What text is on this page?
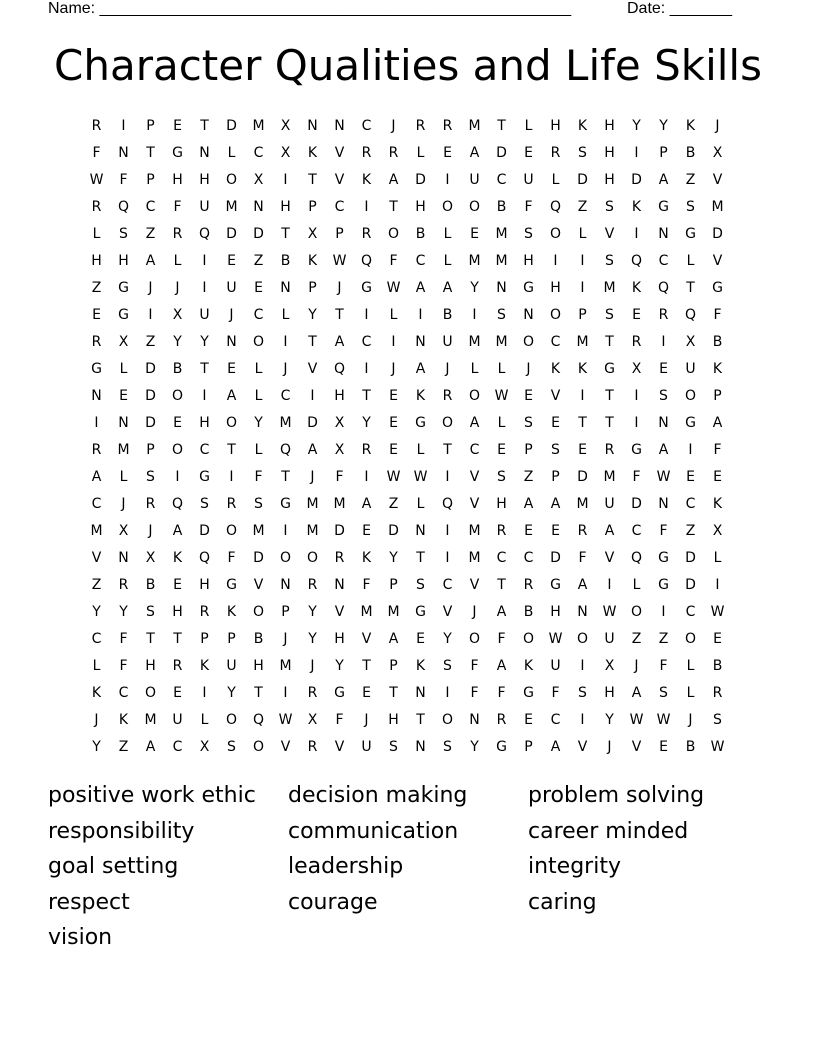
Name: _____________________________________________________	Date: _______
Character Qualities and Life Skills
R	I	P	E	T	D	M	X	N	N	C	J	R	R	M	T	L	H	K	H	Y	Y	K	J
F	N	T	G	N	L	C	X	K	V	R	R	L	E	A	D	E	R	S	H	I	P	B	X
W	F	P	H	H	O	X	I	T	V	K	A	D	I	U	C	U	L	D	H	D	A	Z	V
R	Q	C	F	U	M	N	H	P	C	I	T	H	O	O	B	F	Q	Z	S	K	G	S	M
L	S	Z	R	Q	D	D	T	X	P	R	O	B	L	E	M	S	O	L	V	I	N	G	D
H	H	A	L	I	E	Z	B	K	W	Q	F	C	L	M	M	H	I	I	S	Q	C	L	V
Z	G	J	J	I	U	E	N	P	J	G	W	A	A	Y	N	G	H	I	M	K	Q	T	G
E	G	I	X	U	J	C	L	Y	T	I	L	I	B	I	S	N	O	P	S	E	R	Q	F
R	X	Z	Y	Y	N	O	I	T	A	C	I	N	U	M	M	O	C	M	T	R	I	X	B
G	L	D	B	T	E	L	J	V	Q	I	J	A	J	L	L	J	K	K	G	X	E	U	K
N	E	D	O	I	A	L	C	I	H	T	E	K	R	O	W	E	V	I	T	I	S	O	P
I	N	D	E	H	O	Y	M	D	X	Y	E	G	O	A	L	S	E	T	T	I	N	G	A
R	M	P	O	C	T	L	Q	A	X	R	E	L	T	C	E	P	S	E	R	G	A	I	F
A	L	S	I	G	I	F	T	J	F	I	W W	I	V	S	Z	P	D	M	F	W	E	E
C	J	R	Q	S	R	S	G	M	M	A	Z	L	Q	V	H	A	A	M	U	D	N	C	K
M	X	J	A	D	O	M	I	M	D	E	D	N	I	M	R	E	E	R	A	C	F	Z	X
V	N	X	K	Q	F	D	O	O	R	K	Y	T	I	M	C	C	D	F	V	Q	G	D	L
Z	R	B	E	H	G	V	N	R	N	F	P	S	C	V	T	R	G	A	I	L	G	D	I
Y	Y	S	H	R	K	O	P	Y	V	M	M	G	V	J	A	B	H	N	W	O	I	C	W
C	F	T	T	P	P	B	J	Y	H	V	A	E	Y	O	F	O	W	O	U	Z	Z	O	E
L	F	H	R	K	U	H	M	J	Y	T	P	K	S	F	A	K	U	I	X	J	F	L	B
K	C	O	E	I	Y	T	I	R	G	E	T	N	I	F	F	G	F	S	H	A	S	L	R
J	K	M	U	L	O	Q	W	X	F	J	H	T	O	N	R	E	C	I	Y	W W	J	S
Y	Z	A	C	X	S	O	V	R	V	U	S	N	S	Y	G	P	A	V	J	V	E	B	W
positive work ethic	decision making	problem solving
responsibility	communication	career minded
goal setting	leadership	integrity
respect	courage	caring
vision
